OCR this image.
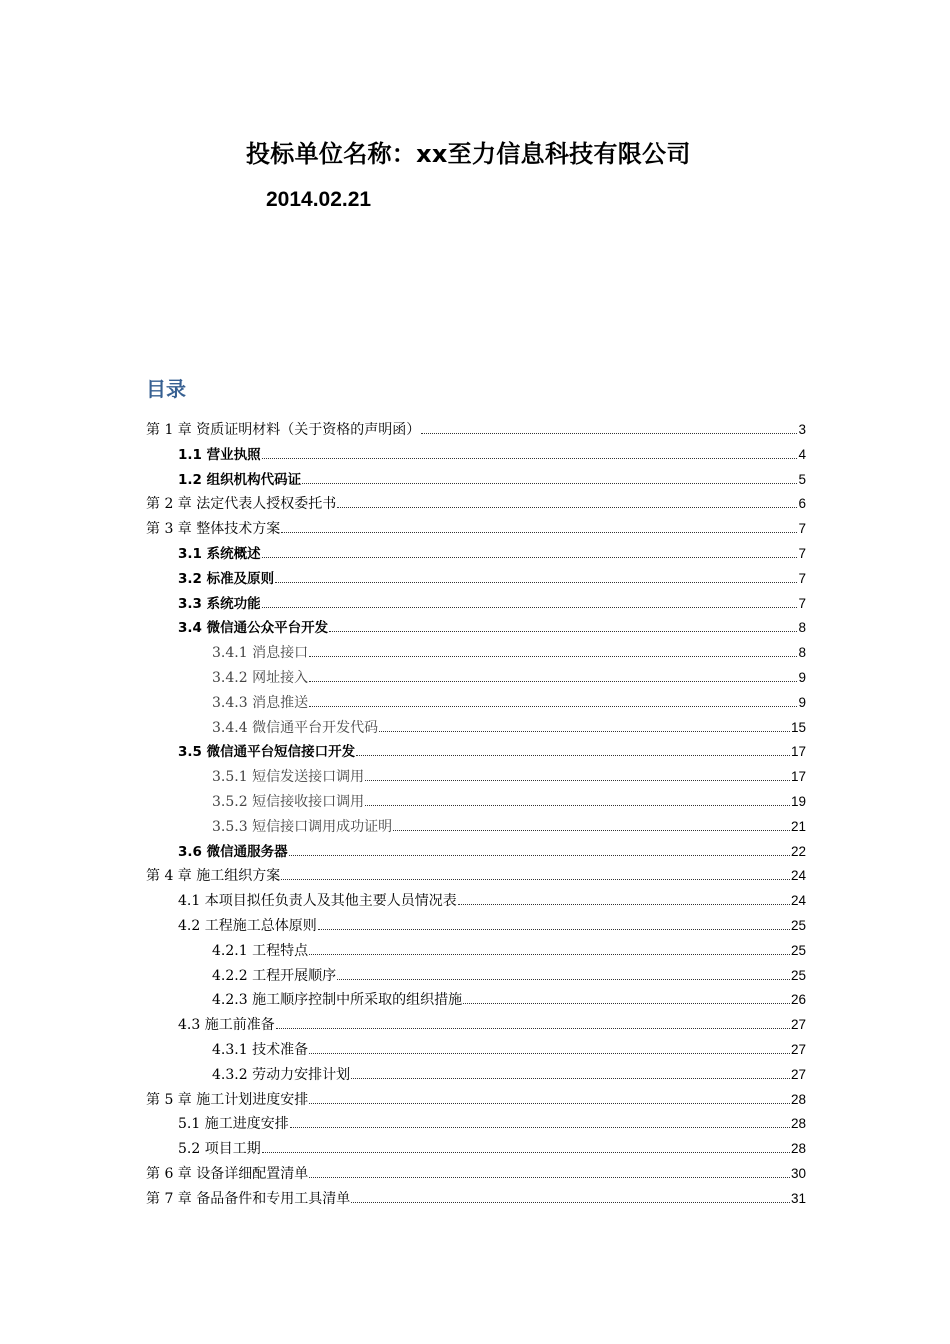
投标单位名称：xx至力信息科技有限公司
2014.02.21
目录
第 1 章 资质证明材料（关于资格的声明函）	3
1.1 营业执照	4
1.2 组织机构代码证	5
第 2 章 法定代表人授权委托书	6
第 3 章 整体技术方案	7
3.1 系统概述	7
3.2 标准及原则	7
3.3 系统功能	7
3.4 微信通公众平台开发	8
3.4.1 消息接口	8
3.4.2 网址接入	9
3.4.3 消息推送	9
3.4.4 微信通平台开发代码	15
3.5 微信通平台短信接口开发	17
3.5.1 短信发送接口调用	17
3.5.2 短信接收接口调用	19
3.5.3 短信接口调用成功证明	21
3.6 微信通服务器	22
第 4 章 施工组织方案	24
4.1 本项目拟任负责人及其他主要人员情况表	24
4.2 工程施工总体原则	25
4.2.1 工程特点	25
4.2.2 工程开展顺序	25
4.2.3 施工顺序控制中所采取的组织措施	26
4.3 施工前准备	27
4.3.1 技术准备	27
4.3.2 劳动力安排计划	27
第 5 章 施工计划进度安排	28
5.1 施工进度安排	28
5.2 项目工期	28
第 6 章 设备详细配置清单	30
第 7 章 备品备件和专用工具清单	31
